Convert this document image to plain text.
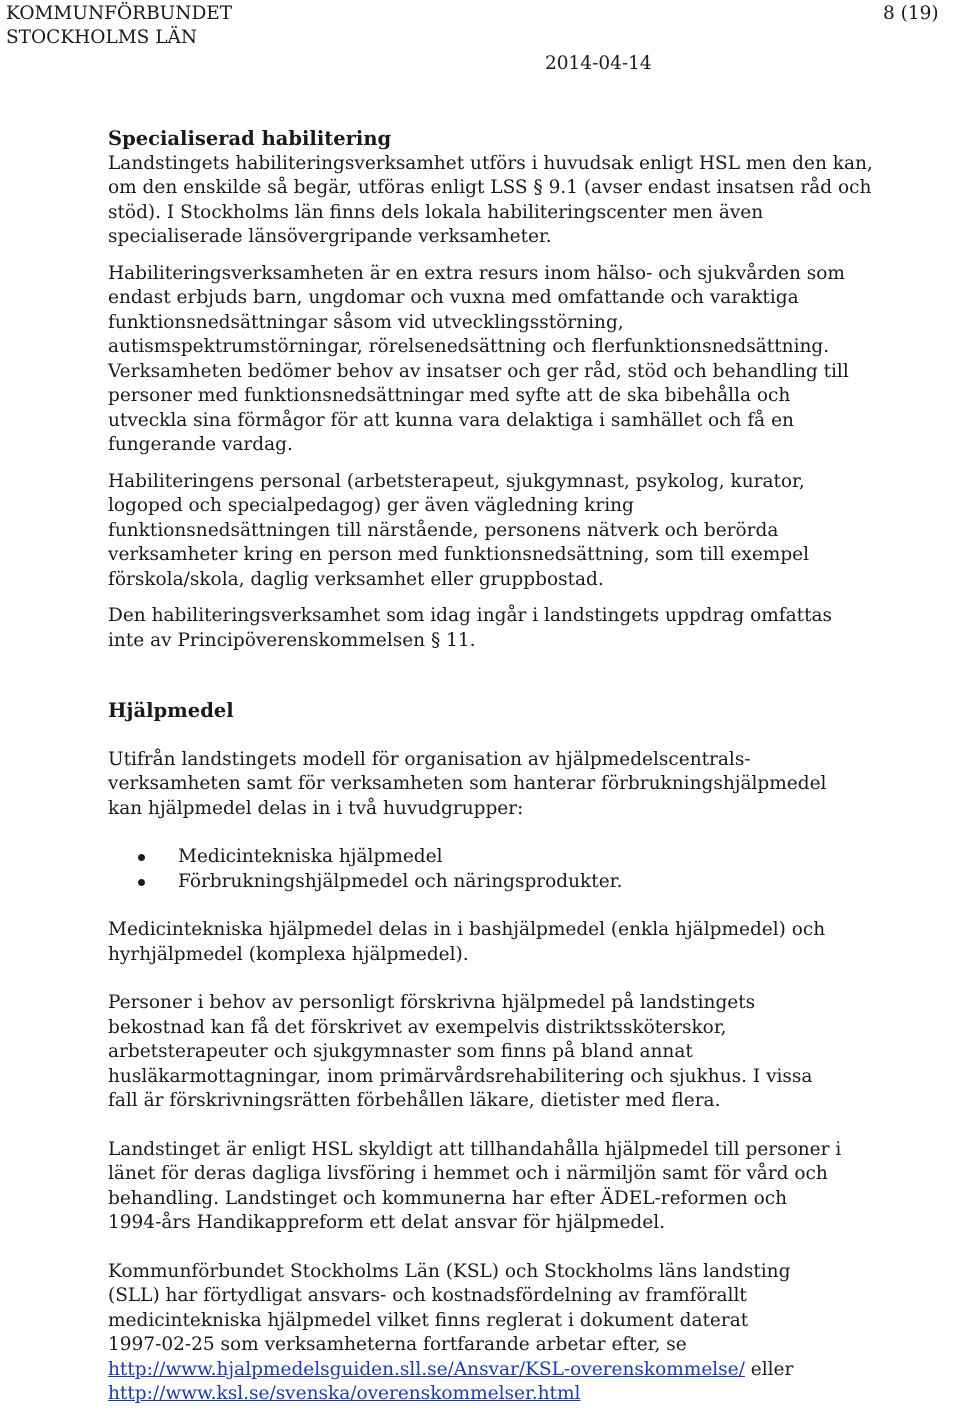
KOMMUNFÖRBUNDET
STOCKHOLMS LÄN
8 (19)
2014-04-14
Specialiserad habilitering
Landstingets habiliteringsverksamhet utförs i huvudsak enligt HSL men den kan,
om den enskilde så begär, utföras enligt LSS § 9.1 (avser endast insatsen råd och
stöd). I Stockholms län finns dels lokala habiliteringscenter men även
specialiserade länsövergripande verksamheter.
Habiliteringsverksamheten är en extra resurs inom hälso- och sjukvården som
endast erbjuds barn, ungdomar och vuxna med omfattande och varaktiga
funktionsnedsättningar såsom vid utvecklingsstörning,
autismspektrumstörningar, rörelsenedsättning och flerfunktionsnedsättning.
Verksamheten bedömer behov av insatser och ger råd, stöd och behandling till
personer med funktionsnedsättningar med syfte att de ska bibehålla och
utveckla sina förmågor för att kunna vara delaktiga i samhället och få en
fungerande vardag.
Habiliteringens personal (arbetsterapeut, sjukgymnast, psykolog, kurator,
logoped och specialpedagog) ger även vägledning kring
funktionsnedsättningen till närstående, personens nätverk och berörda
verksamheter kring en person med funktionsnedsättning, som till exempel
förskola/skola, daglig verksamhet eller gruppbostad.
Den habiliteringsverksamhet som idag ingår i landstingets uppdrag omfattas
inte av Principöverenskommelsen § 11.
Hjälpmedel
Utifrån landstingets modell för organisation av hjälpmedelscentrals-
verksamheten samt för verksamheten som hanterar förbrukningshjälpmedel
kan hjälpmedel delas in i två huvudgrupper:
Medicintekniska hjälpmedel
Förbrukningshjälpmedel och näringsprodukter.
Medicintekniska hjälpmedel delas in i bashjälpmedel (enkla hjälpmedel) och
hyrhjälpmedel (komplexa hjälpmedel).
Personer i behov av personligt förskrivna hjälpmedel på landstingets
bekostnad kan få det förskrivet av exempelvis distriktssköterskor,
arbetsterapeuter och sjukgymnaster som finns på bland annat
husläkarmottagningar, inom primärvårdsrehabilitering och sjukhus. I vissa
fall är förskrivningsrätten förbehållen läkare, dietister med flera.
Landstinget är enligt HSL skyldigt att tillhandahålla hjälpmedel till personer i
länet för deras dagliga livsföring i hemmet och i närmiljön samt för vård och
behandling. Landstinget och kommunerna har efter ÄDEL-reformen och
1994-års Handikappreform ett delat ansvar för hjälpmedel.
Kommunförbundet Stockholms Län (KSL) och Stockholms läns landsting
(SLL) har förtydligat ansvars- och kostnadsfördelning av framförallt
medicintekniska hjälpmedel vilket finns reglerat i dokument daterat
1997-02-25 som verksamheterna fortfarande arbetar efter, se
http://www.hjalpmedelsguiden.sll.se/Ansvar/KSL-overenskommelse/ eller
http://www.ksl.se/svenska/overenskommelser.html
